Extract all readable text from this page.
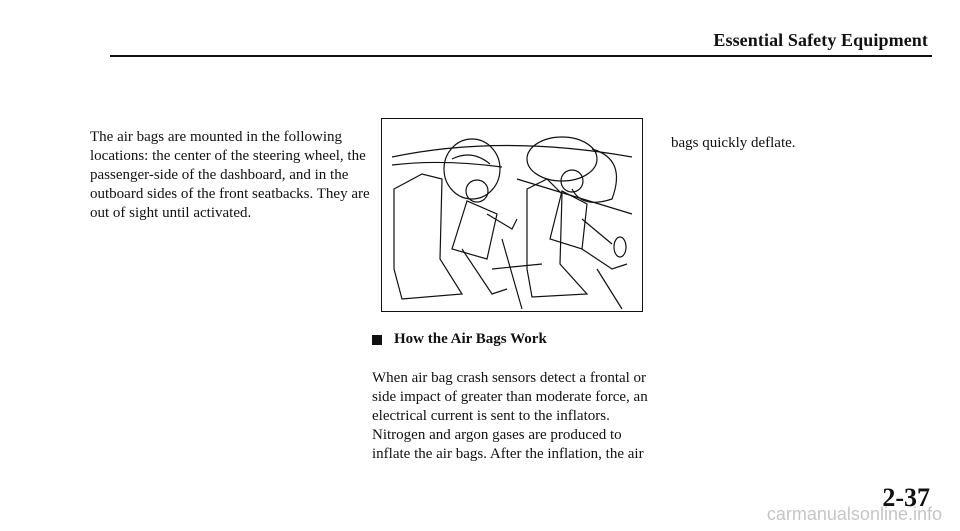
Essential Safety Equipment

The air bags are mounted in the following locations: the center of the steering wheel, the passenger-side of the dashboard, and in the outboard sides of the front seatbacks. They are out of sight until activated.

How the Air Bags Work

When air bag crash sensors detect a frontal or side impact of greater than moderate force, an electrical current is sent to the inflators. Nitrogen and argon gases are produced to inflate the air bags. After the inflation, the air

bags quickly deflate.

2-37
carmanualsonline.info
